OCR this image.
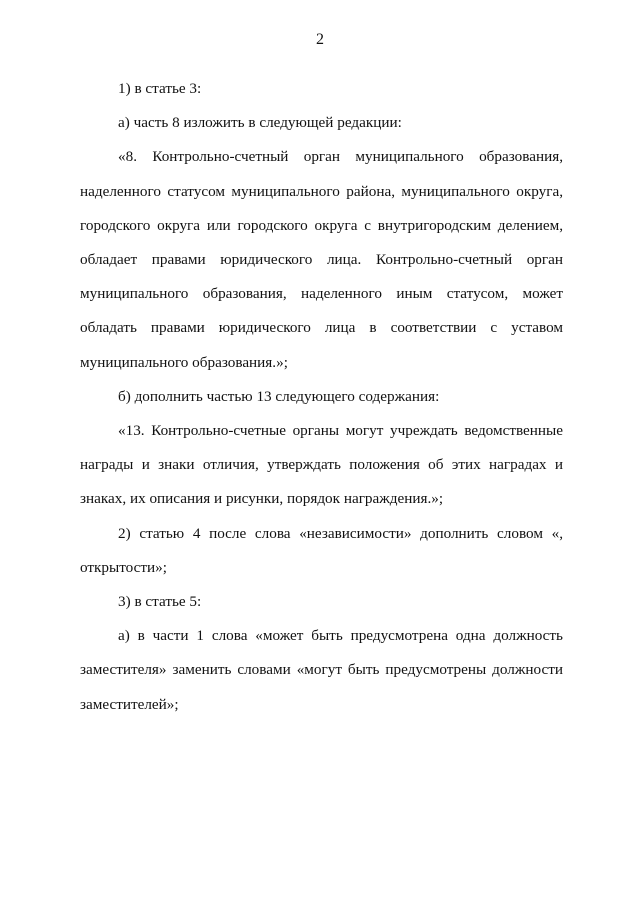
2

1) в статье 3:

а) часть 8 изложить в следующей редакции:

«8. Контрольно-счетный орган муниципального образования, наделенного статусом муниципального района, муниципального округа, городского округа или городского округа с внутригородским делением, обладает правами юридического лица. Контрольно-счетный орган муниципального образования, наделенного иным статусом, может обладать правами юридического лица в соответствии с уставом муниципального образования.»;

б) дополнить частью 13 следующего содержания:

«13. Контрольно-счетные органы могут учреждать ведомственные награды и знаки отличия, утверждать положения об этих наградах и знаках, их описания и рисунки, порядок награждения.»;

2) статью 4 после слова «независимости» дополнить словом «, открытости»;

3) в статье 5:

а) в части 1 слова «может быть предусмотрена одна должность заместителя» заменить словами «могут быть предусмотрены должности заместителей»;
